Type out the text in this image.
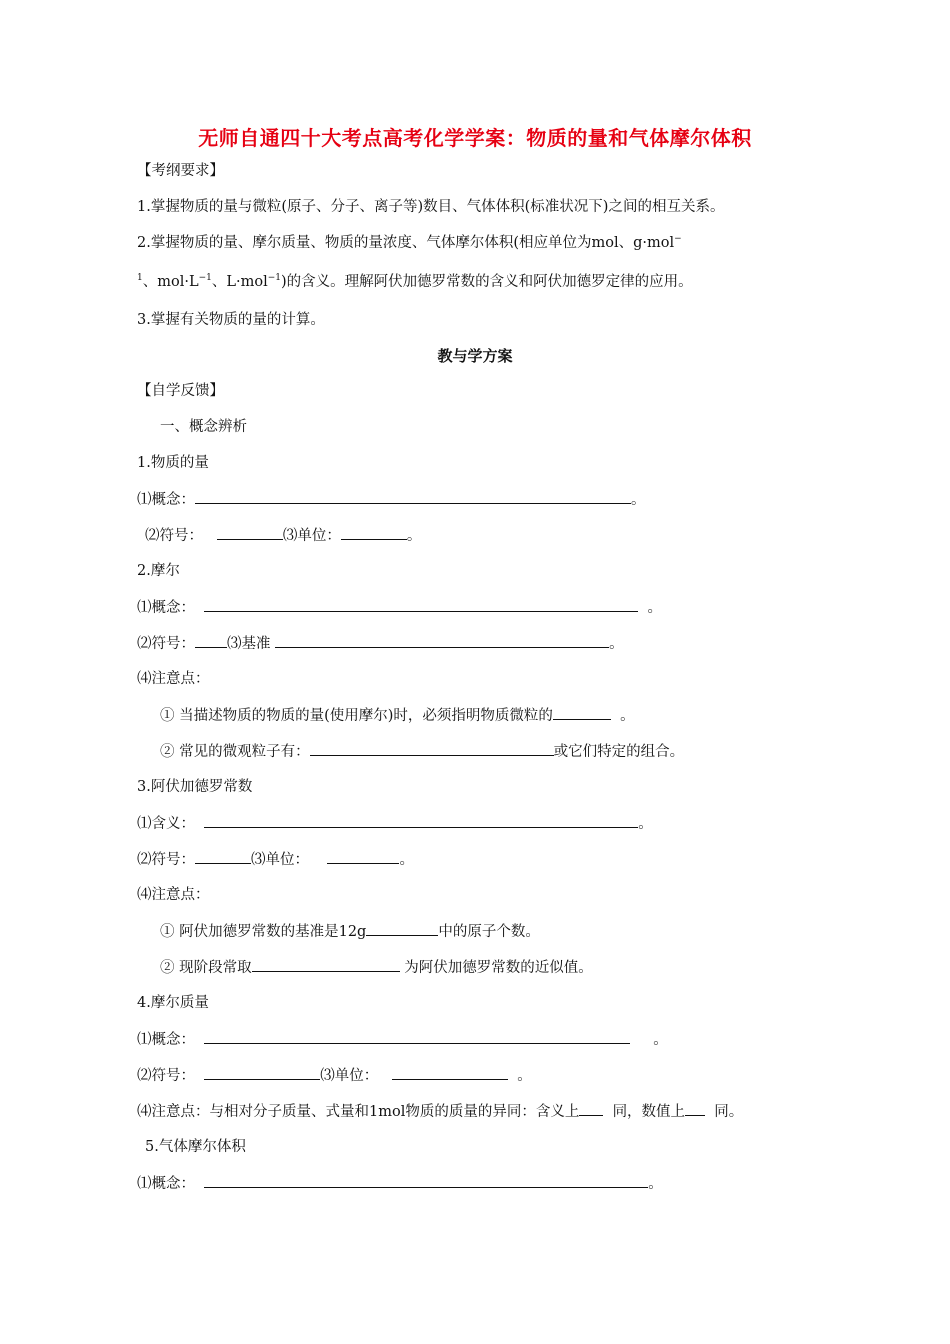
无师自通四十大考点高考化学学案：物质的量和气体摩尔体积
【考纲要求】
1.掌握物质的量与微粒(原子、分子、离子等)数目、气体体积(标准状况下)之间的相互关系。
2.掌握物质的量、摩尔质量、物质的量浓度、气体摩尔体积(相应单位为mol、g·mol−
$^1$、$mol\cdot L^{-1}$、L·mol$^{-1}$)的含义。理解阿伏加德罗常数的含义和阿伏加德罗定律的应用。
3.掌握有关物质的量的计算。
教与学方案
【自学反馈】
一、概念辨析
1.物质的量
⑴概念：	。
⑵符号：	⑶单位：	。
2.摩尔
⑴概念：	。
⑵符号： ⑶基准	。
⑷注意点：
① 当描述物质的物质的量(使用摩尔)时，必须指明物质微粒的	。
② 常见的微观粒子有：	或它们特定的组合。
3.阿伏加德罗常数
⑴含义：	。
⑵符号：	⑶单位：	。
⑷注意点：
① 阿伏加德罗常数的基准是12g	中的原子个数。
② 现阶段常取	为阿伏加德罗常数的近似值。
4.摩尔质量
⑴概念：	。
⑵符号：	⑶单位：	。
⑷注意点：与相对分子质量、式量和1mol物质的质量的异同：含义上 同，数值上 同。
5.气体摩尔体积
⑴概念：	。
